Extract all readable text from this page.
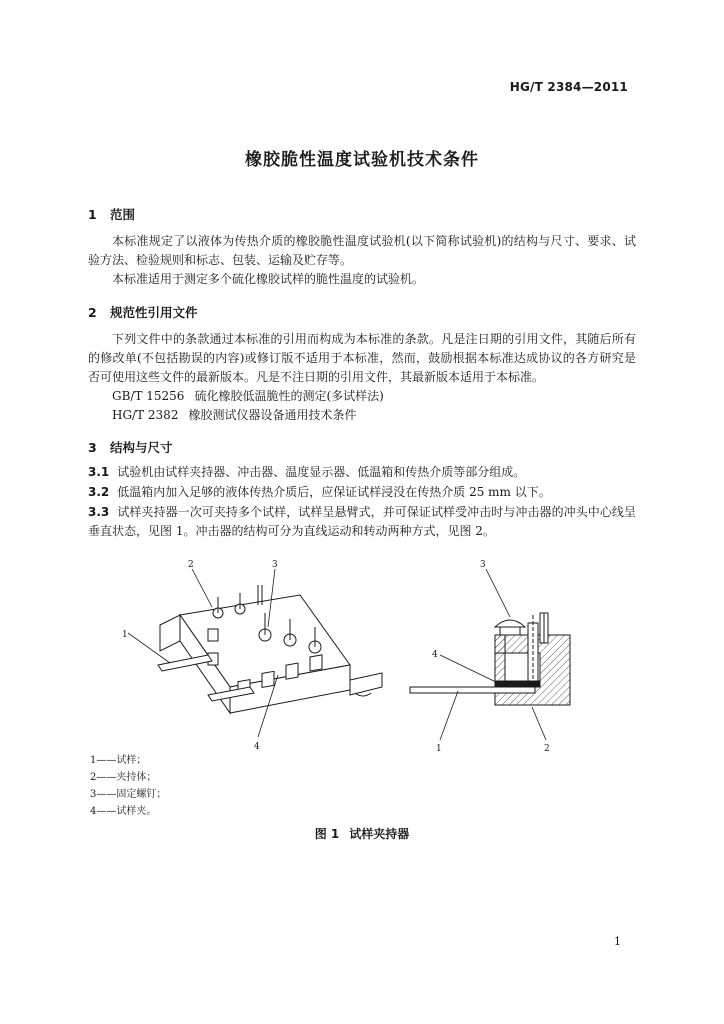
HG/T 2384—2011
橡胶脆性温度试验机技术条件
1 范围
本标准规定了以液体为传热介质的橡胶脆性温度试验机(以下简称试验机)的结构与尺寸、要求、试验方法、检验规则和标志、包装、运输及贮存等。
本标准适用于测定多个硫化橡胶试样的脆性温度的试验机。
2 规范性引用文件
下列文件中的条款通过本标准的引用而构成为本标准的条款。凡是注日期的引用文件，其随后所有的修改单(不包括勘误的内容)或修订版不适用于本标准，然而，鼓励根据本标准达成协议的各方研究是否可使用这些文件的最新版本。凡是不注日期的引用文件，其最新版本适用于本标准。
GB/T 15256 硫化橡胶低温脆性的测定(多试样法)
HG/T 2382 橡胶测试仪器设备通用技术条件
3 结构与尺寸
3.1 试验机由试样夹持器、冲击器、温度显示器、低温箱和传热介质等部分组成。
3.2 低温箱内加入足够的液体传热介质后，应保证试样浸没在传热介质 25 mm 以下。
3.3 试样夹持器一次可夹持多个试样，试样呈悬臂式，并可保证试样受冲击时与冲击器的冲头中心线呈垂直状态，见图 1。冲击器的结构可分为直线运动和转动两种方式，见图 2。
1
2	3
4	1	2
3
4
1——试样；
2——夹持体；
3——固定螺钉；
4——试样夹。
图 1 试样夹持器
1
